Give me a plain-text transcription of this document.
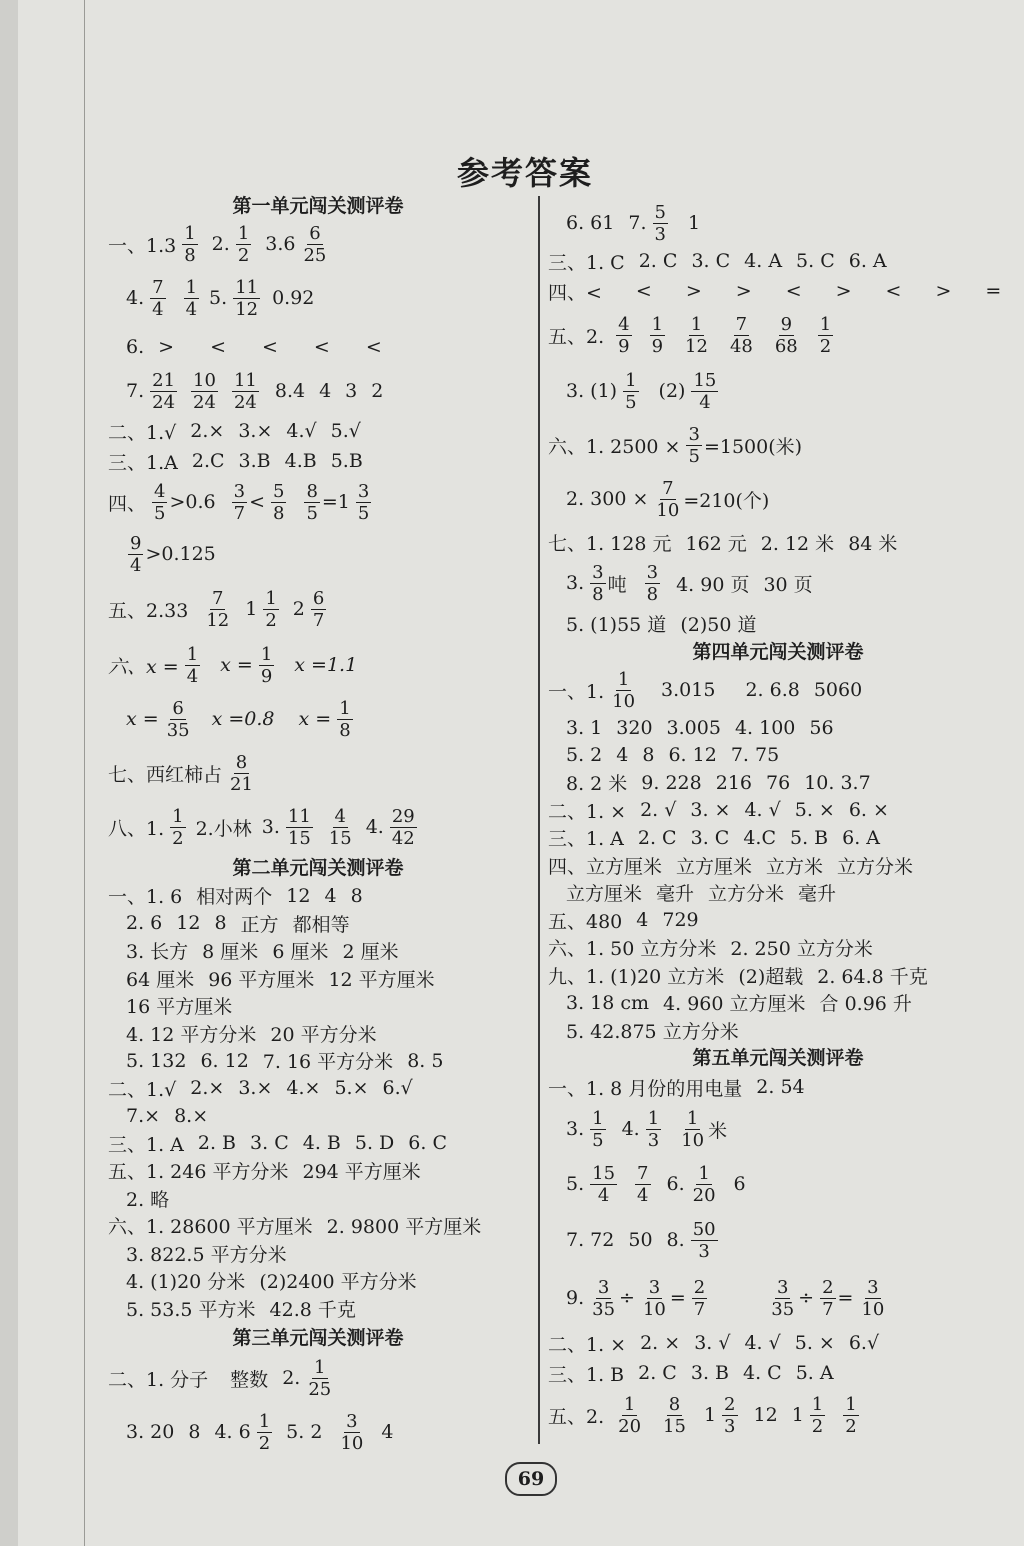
参考答案

第一单元闯关测评卷

一、$1.3 \frac{1}{8} 2$. $\frac{1}{2} 3.6 \frac{6}{25}$
4. $\frac{7}{4} \frac{1}{4} 5$. $\frac{11}{12} 0.92$
6. > < < < <
7. $\frac{21}{24} \frac{10}{24} \frac{11}{24} 8.4$ 4 3 2
二、1.√ 2.× 3.× 4.√ 5.√
三、1.A 2.C 3.B 4.B 5.B
四、 $\frac{4}{5} >0.6 \frac{3}{7} < \frac{5}{8} \frac{8}{5} =1 \frac{3}{5}$
$\frac{9}{4} >0.125$
五、$2.33 \frac{7}{12} 1 \frac{1}{2} 2 \frac{6}{7}$
六、$x = \frac{1}{4}$ $x = \frac{1}{9}$ x =1.1
$x = \frac{6}{35}$ x =0.8 $x = \frac{1}{8}$
七、西红柿占 $\frac{8}{21}$
八、1. $\frac{1}{2} 2$.小林 3. $\frac{11}{15} \frac{4}{15} 4$. $\frac{29}{42}$

第二单元闯关测评卷

一、1. 6 相对两个 12 4 8
2. 6 12 8 正方 都相等
3. 长方 8 厘米 6 厘米 2 厘米
64 厘米 96 平方厘米 12 平方厘米
16 平方厘米
4. 12 平方分米 20 平方分米
5. 132 6. 12 7. 16 平方分米 8. 5
二、1.√ 2.× 3.× 4.× 5.× 6.√
7.× 8.×
三、1. A 2. B 3. C 4. B 5. D 6. C
五、1. 246 平方分米 294 平方厘米
2. 略
六、1. 28600 平方厘米 2. 9800 平方厘米
3. 822.5 平方分米
4. (1)20 分米 (2)2400 平方分米
5. 53.5 平方米 42.8 千克

第三单元闯关测评卷

二、1. 分子 整数 2. $\frac{1}{25}$
3. 20 8 4. $6 \frac{1}{2} 5$. $2 \frac{3}{10} 4$
6. 61 7. $\frac{5}{3} 1$
三、1. C 2. C 3. C 4. A 5. C 6. A
四、< < > > < > < > =
五、2. $\frac{4}{9} \frac{1}{9} \frac{1}{12} \frac{7}{48} \frac{9}{68} \frac{1}{2}$
3. $(1) \frac{1}{5} (2) \frac{15}{4}$
六、1. $2500 \times \frac{3}{5} =1500$(米)
2. $300 \times \frac{7}{10} =210$(个)
七、1. 128 元 162 元 2. 12 米 84 米
3. $\frac{3}{8}$ 吨 $\frac{3}{8} 4$. 90 页 30 页
5. (1)55 道 (2)50 道

第四单元闯关测评卷

一、1. $\frac{1}{10} 3.015$ 2. 6.8 5060
3. 1 320 3.005 4. 100 56
5. 2 4 8 6. 12 7. 75
8. 2 米 9. 228 216 76 10. 3.7
二、1. × 2. √ 3. × 4. √ 5. × 6. ×
三、1. A 2. C 3. C 4.C 5. B 6. A
四、立方厘米 立方厘米 立方米 立方分米
立方厘米 毫升 立方分米 毫升
五、480 4 729
六、1. 50 立方分米 2. 250 立方分米
九、1. (1)20 立方米 (2)超载 2. 64.8 千克
3. 18 cm 4. 960 立方厘米 合 0.96 升
5. 42.875 立方分米

第五单元闯关测评卷

一、1. 8 月份的用电量 2. 54
3. $\frac{1}{5} 4$. $\frac{1}{3} \frac{1}{10}$ 米
5. $\frac{15}{4} \frac{7}{4} 6$. $\frac{1}{20} 6$
7. 72 50 8. $\frac{50}{3}$
9. $\frac{3}{35} \div \frac{3}{10} = \frac{2}{7}$	$\frac{3}{35} \div \frac{2}{7} = \frac{3}{10}$
二、1. × 2. × 3. √ 4. √ 5. × 6.√
三、1. B 2. C 3. B 4. C 5. A
五、2. $\frac{1}{20} \frac{8}{15} 1 \frac{2}{3} 12$ $1 \frac{1}{2} \frac{1}{2}$
69
